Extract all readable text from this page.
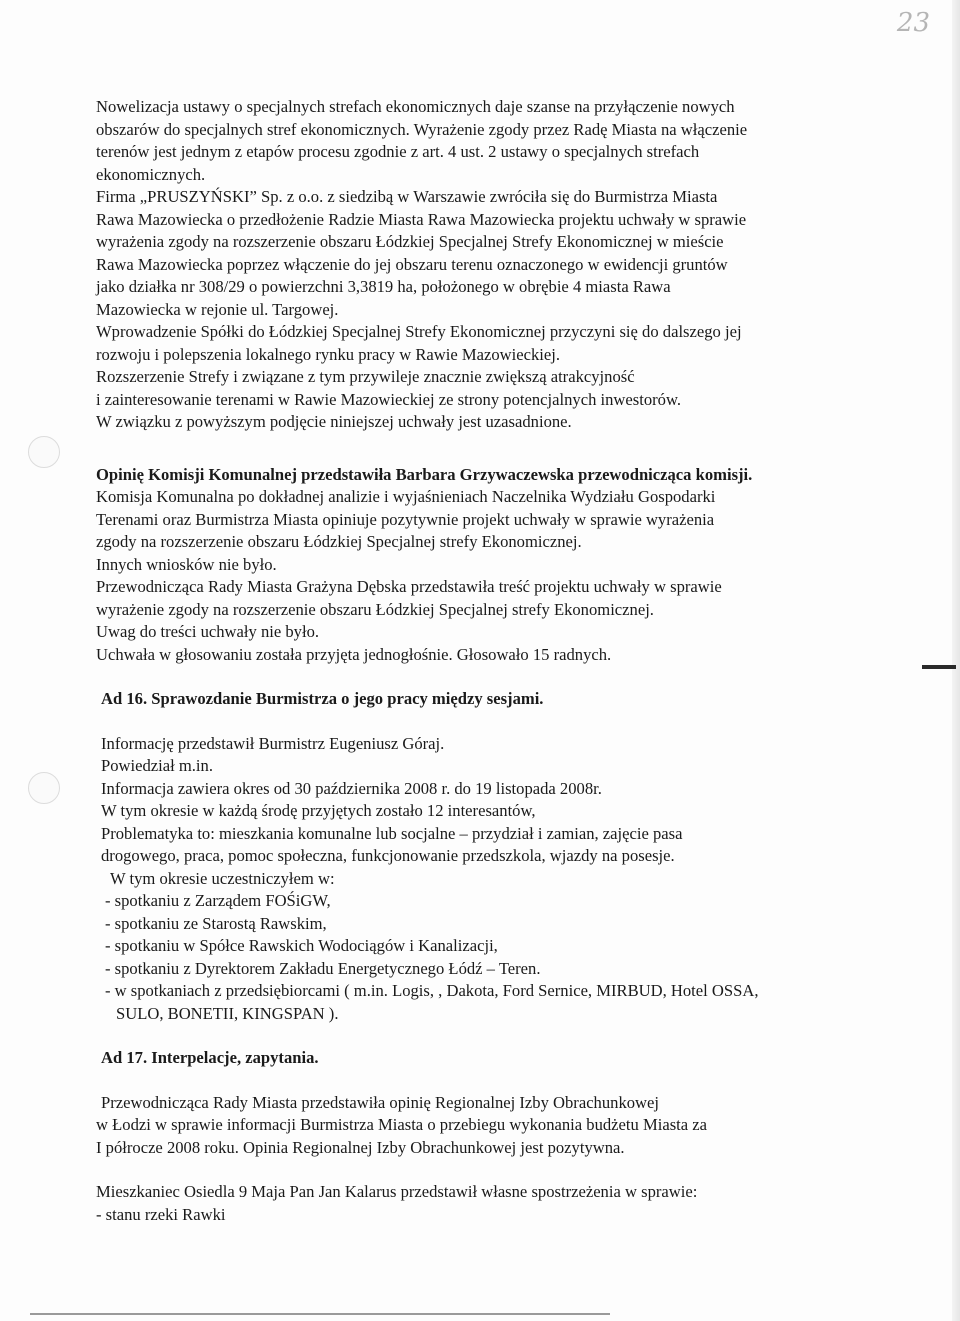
23
Nowelizacja ustawy o specjalnych strefach ekonomicznych daje szanse na przyłączenie nowych
obszarów do specjalnych stref ekonomicznych. Wyrażenie zgody przez Radę Miasta na włączenie
terenów jest jednym z etapów procesu zgodnie z art. 4 ust. 2 ustawy o specjalnych strefach
ekonomicznych.
Firma „PRUSZYŃSKI” Sp. z o.o. z siedzibą w Warszawie zwróciła się do Burmistrza Miasta
Rawa Mazowiecka o przedłożenie Radzie Miasta Rawa Mazowiecka projektu uchwały w sprawie
wyrażenia zgody na rozszerzenie obszaru Łódzkiej Specjalnej Strefy Ekonomicznej w mieście
Rawa Mazowiecka poprzez włączenie do jej obszaru terenu oznaczonego w ewidencji gruntów
jako działka nr 308/29 o powierzchni 3,3819 ha, położonego w obrębie 4 miasta Rawa
Mazowiecka w rejonie ul. Targowej.
Wprowadzenie Spółki do Łódzkiej Specjalnej Strefy Ekonomicznej przyczyni się do dalszego jej
rozwoju i polepszenia lokalnego rynku pracy w Rawie Mazowieckiej.
Rozszerzenie Strefy i związane z tym przywileje znacznie zwiększą atrakcyjność
i zainteresowanie terenami w Rawie Mazowieckiej ze strony potencjalnych inwestorów.
W związku z powyższym podjęcie niniejszej uchwały jest uzasadnione.
Opinię Komisji Komunalnej przedstawiła Barbara Grzywaczewska przewodnicząca komisji.
Komisja Komunalna po dokładnej analizie i wyjaśnieniach Naczelnika Wydziału Gospodarki
Terenami oraz Burmistrza Miasta opiniuje pozytywnie projekt uchwały w sprawie wyrażenia
zgody na rozszerzenie obszaru Łódzkiej Specjalnej strefy Ekonomicznej.
Innych wniosków nie było.
Przewodnicząca Rady Miasta Grażyna Dębska przedstawiła treść projektu uchwały w sprawie
wyrażenie zgody na rozszerzenie obszaru Łódzkiej Specjalnej strefy Ekonomicznej.
Uwag do treści uchwały nie było.
Uchwała w głosowaniu została przyjęta jednogłośnie. Głosowało 15 radnych.
Ad 16. Sprawozdanie Burmistrza o jego pracy między sesjami.
Informację przedstawił Burmistrz Eugeniusz Góraj.
Powiedział m.in.
Informacja zawiera okres od 30 października 2008 r. do 19 listopada 2008r.
W tym okresie w każdą środę przyjętych zostało 12 interesantów,
Problematyka to: mieszkania komunalne lub socjalne – przydział i zamian, zajęcie pasa
drogowego, praca, pomoc społeczna, funkcjonowanie przedszkola, wjazdy na posesje.
W tym okresie uczestniczyłem w:
- spotkaniu z Zarządem FOŚiGW,
- spotkaniu ze Starostą Rawskim,
- spotkaniu w Spółce Rawskich Wodociągów i Kanalizacji,
- spotkaniu z Dyrektorem Zakładu Energetycznego Łódź – Teren.
- w spotkaniach z przedsiębiorcami ( m.in. Logis, , Dakota, Ford Sernice, MIRBUD, Hotel OSSA,
SULO, BONETII, KINGSPAN ).
Ad 17. Interpelacje, zapytania.
Przewodnicząca Rady Miasta przedstawiła opinię Regionalnej Izby Obrachunkowej
w Łodzi w sprawie informacji Burmistrza Miasta o przebiegu wykonania budżetu Miasta za
I półrocze 2008 roku. Opinia Regionalnej Izby Obrachunkowej jest pozytywna.
Mieszkaniec Osiedla 9 Maja Pan Jan Kalarus przedstawił własne spostrzeżenia w sprawie:
- stanu rzeki Rawki
